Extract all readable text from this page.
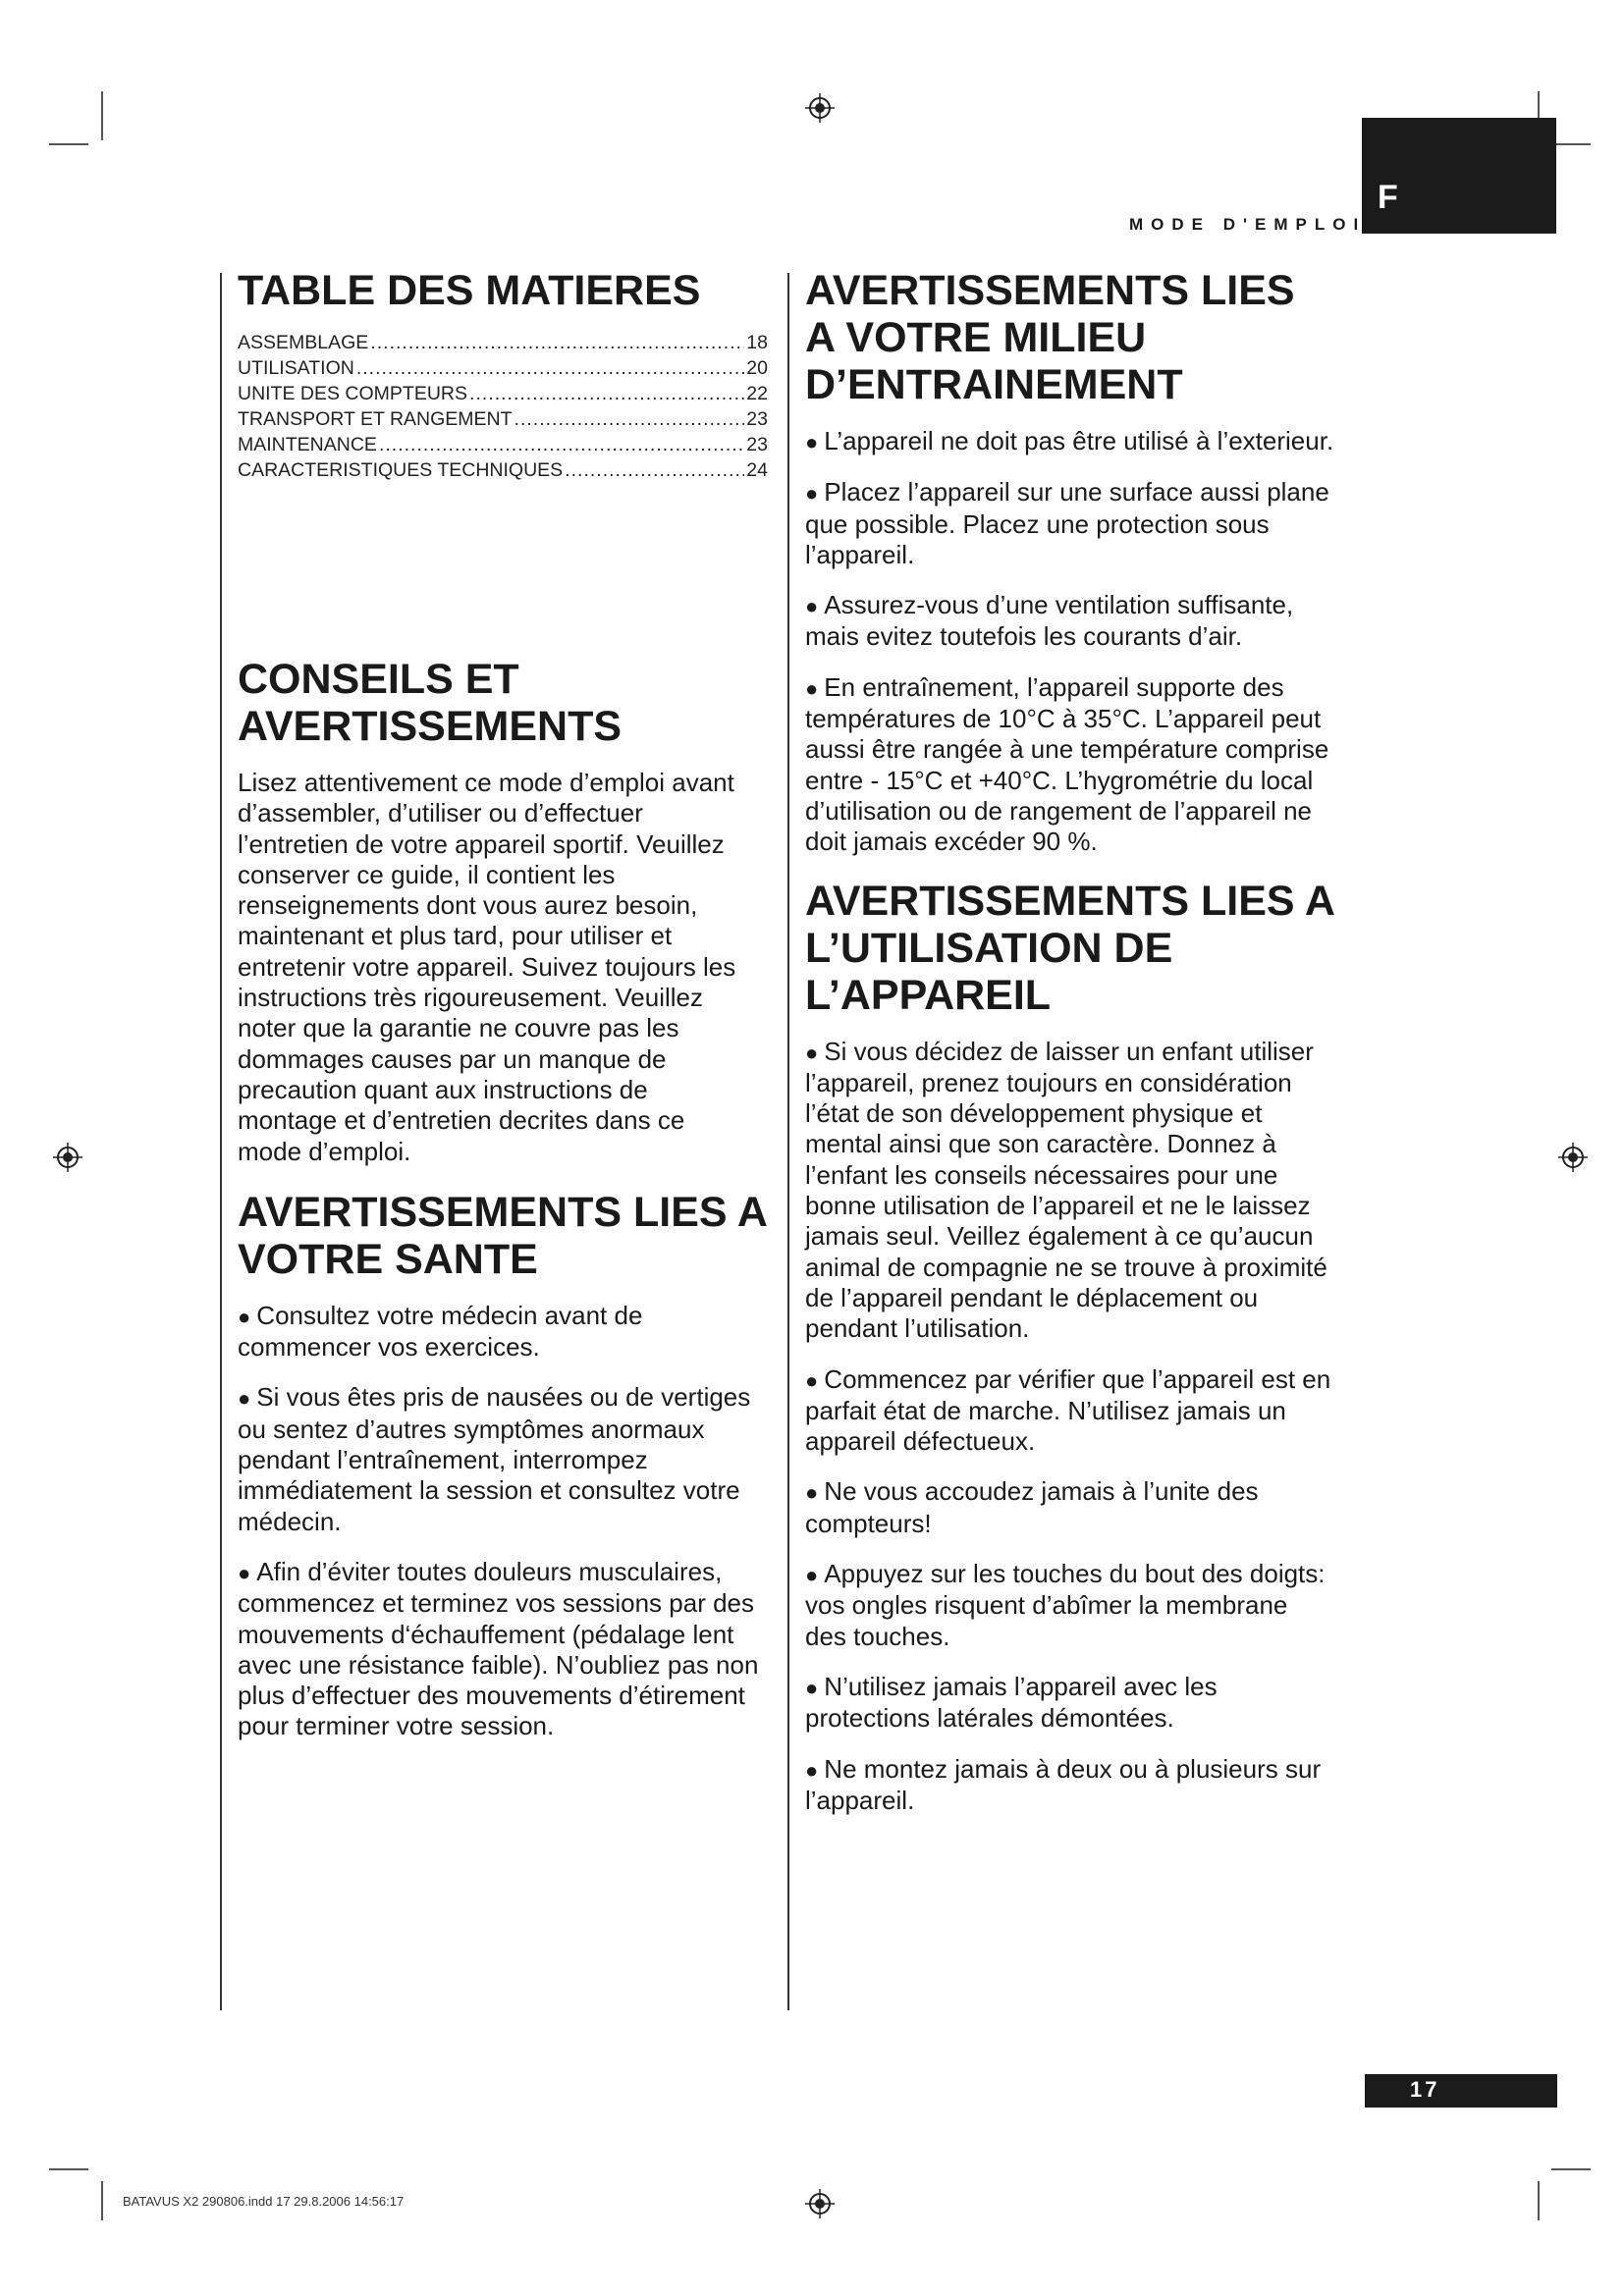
F
MODE D'EMPLOI
TABLE DES MATIERES
ASSEMBLAGE .....	18
UTILISATION .....	20
UNITE DES COMPTEURS .....	22
TRANSPORT ET RANGEMENT .....	23
MAINTENANCE .....	23
CARACTERISTIQUES TECHNIQUES .....	24
CONSEILS ET AVERTISSEMENTS

Lisez attentivement ce mode d’emploi avant d’assembler, d’utiliser ou d’effectuer l’entretien de votre appareil sportif. Veuillez conserver ce guide, il contient les renseignements dont vous aurez besoin, maintenant et plus tard, pour utiliser et entretenir votre appareil. Suivez toujours les instructions très rigoureusement. Veuillez noter que la garantie ne couvre pas les dommages causes par un manque de precaution quant aux instructions de montage et d’entretien decrites dans ce mode d’emploi.

AVERTISSEMENTS LIES A VOTRE SANTE

● Consultez votre médecin avant de commencer vos exercices.

● Si vous êtes pris de nausées ou de vertiges ou sentez d’autres symptômes anormaux pendant l’entraînement, interrompez immédiatement la session et consultez votre médecin.

● Afin d’éviter toutes douleurs musculaires, commencez et terminez vos sessions par des mouvements d‘échauffement (pédalage lent avec une résistance faible). N’oubliez pas non plus d’effectuer des mouvements d’étirement pour terminer votre session.

AVERTISSEMENTS LIES A VOTRE MILIEU D’ENTRAINEMENT

● L’appareil ne doit pas être utilisé à l’exterieur.

● Placez l’appareil sur une surface aussi plane que possible. Placez une protection sous l’appareil.

● Assurez-vous d’une ventilation suffisante, mais evitez toutefois les courants d’air.

● En entraînement, l’appareil supporte des températures de 10°C à 35°C. L’appareil peut aussi être rangée à une température comprise entre - 15°C et +40°C. L’hygrométrie du local d’utilisation ou de rangement de l’appareil ne doit jamais excéder 90 %.

AVERTISSEMENTS LIES A L’UTILISATION DE L’APPAREIL

● Si vous décidez de laisser un enfant utiliser l’appareil, prenez toujours en considération l’état de son développement physique et mental ainsi que son caractère. Donnez à l’enfant les conseils nécessaires pour une bonne utilisation de l’appareil et ne le laissez jamais seul. Veillez également à ce qu’aucun animal de compagnie ne se trouve à proximité de l’appareil pendant le déplacement ou pendant l’utilisation.

● Commencez par vérifier que l’appareil est en parfait état de marche. N’utilisez jamais un appareil défectueux.

● Ne vous accoudez jamais à l’unite des compteurs!

● Appuyez sur les touches du bout des doigts: vos ongles risquent d’abîmer la membrane des touches.

● N’utilisez jamais l’appareil avec les protections latérales démontées.

● Ne montez jamais à deux ou à plusieurs sur l’appareil.

17
BATAVUS X2 290806.indd 17 29.8.2006 14:56:17
